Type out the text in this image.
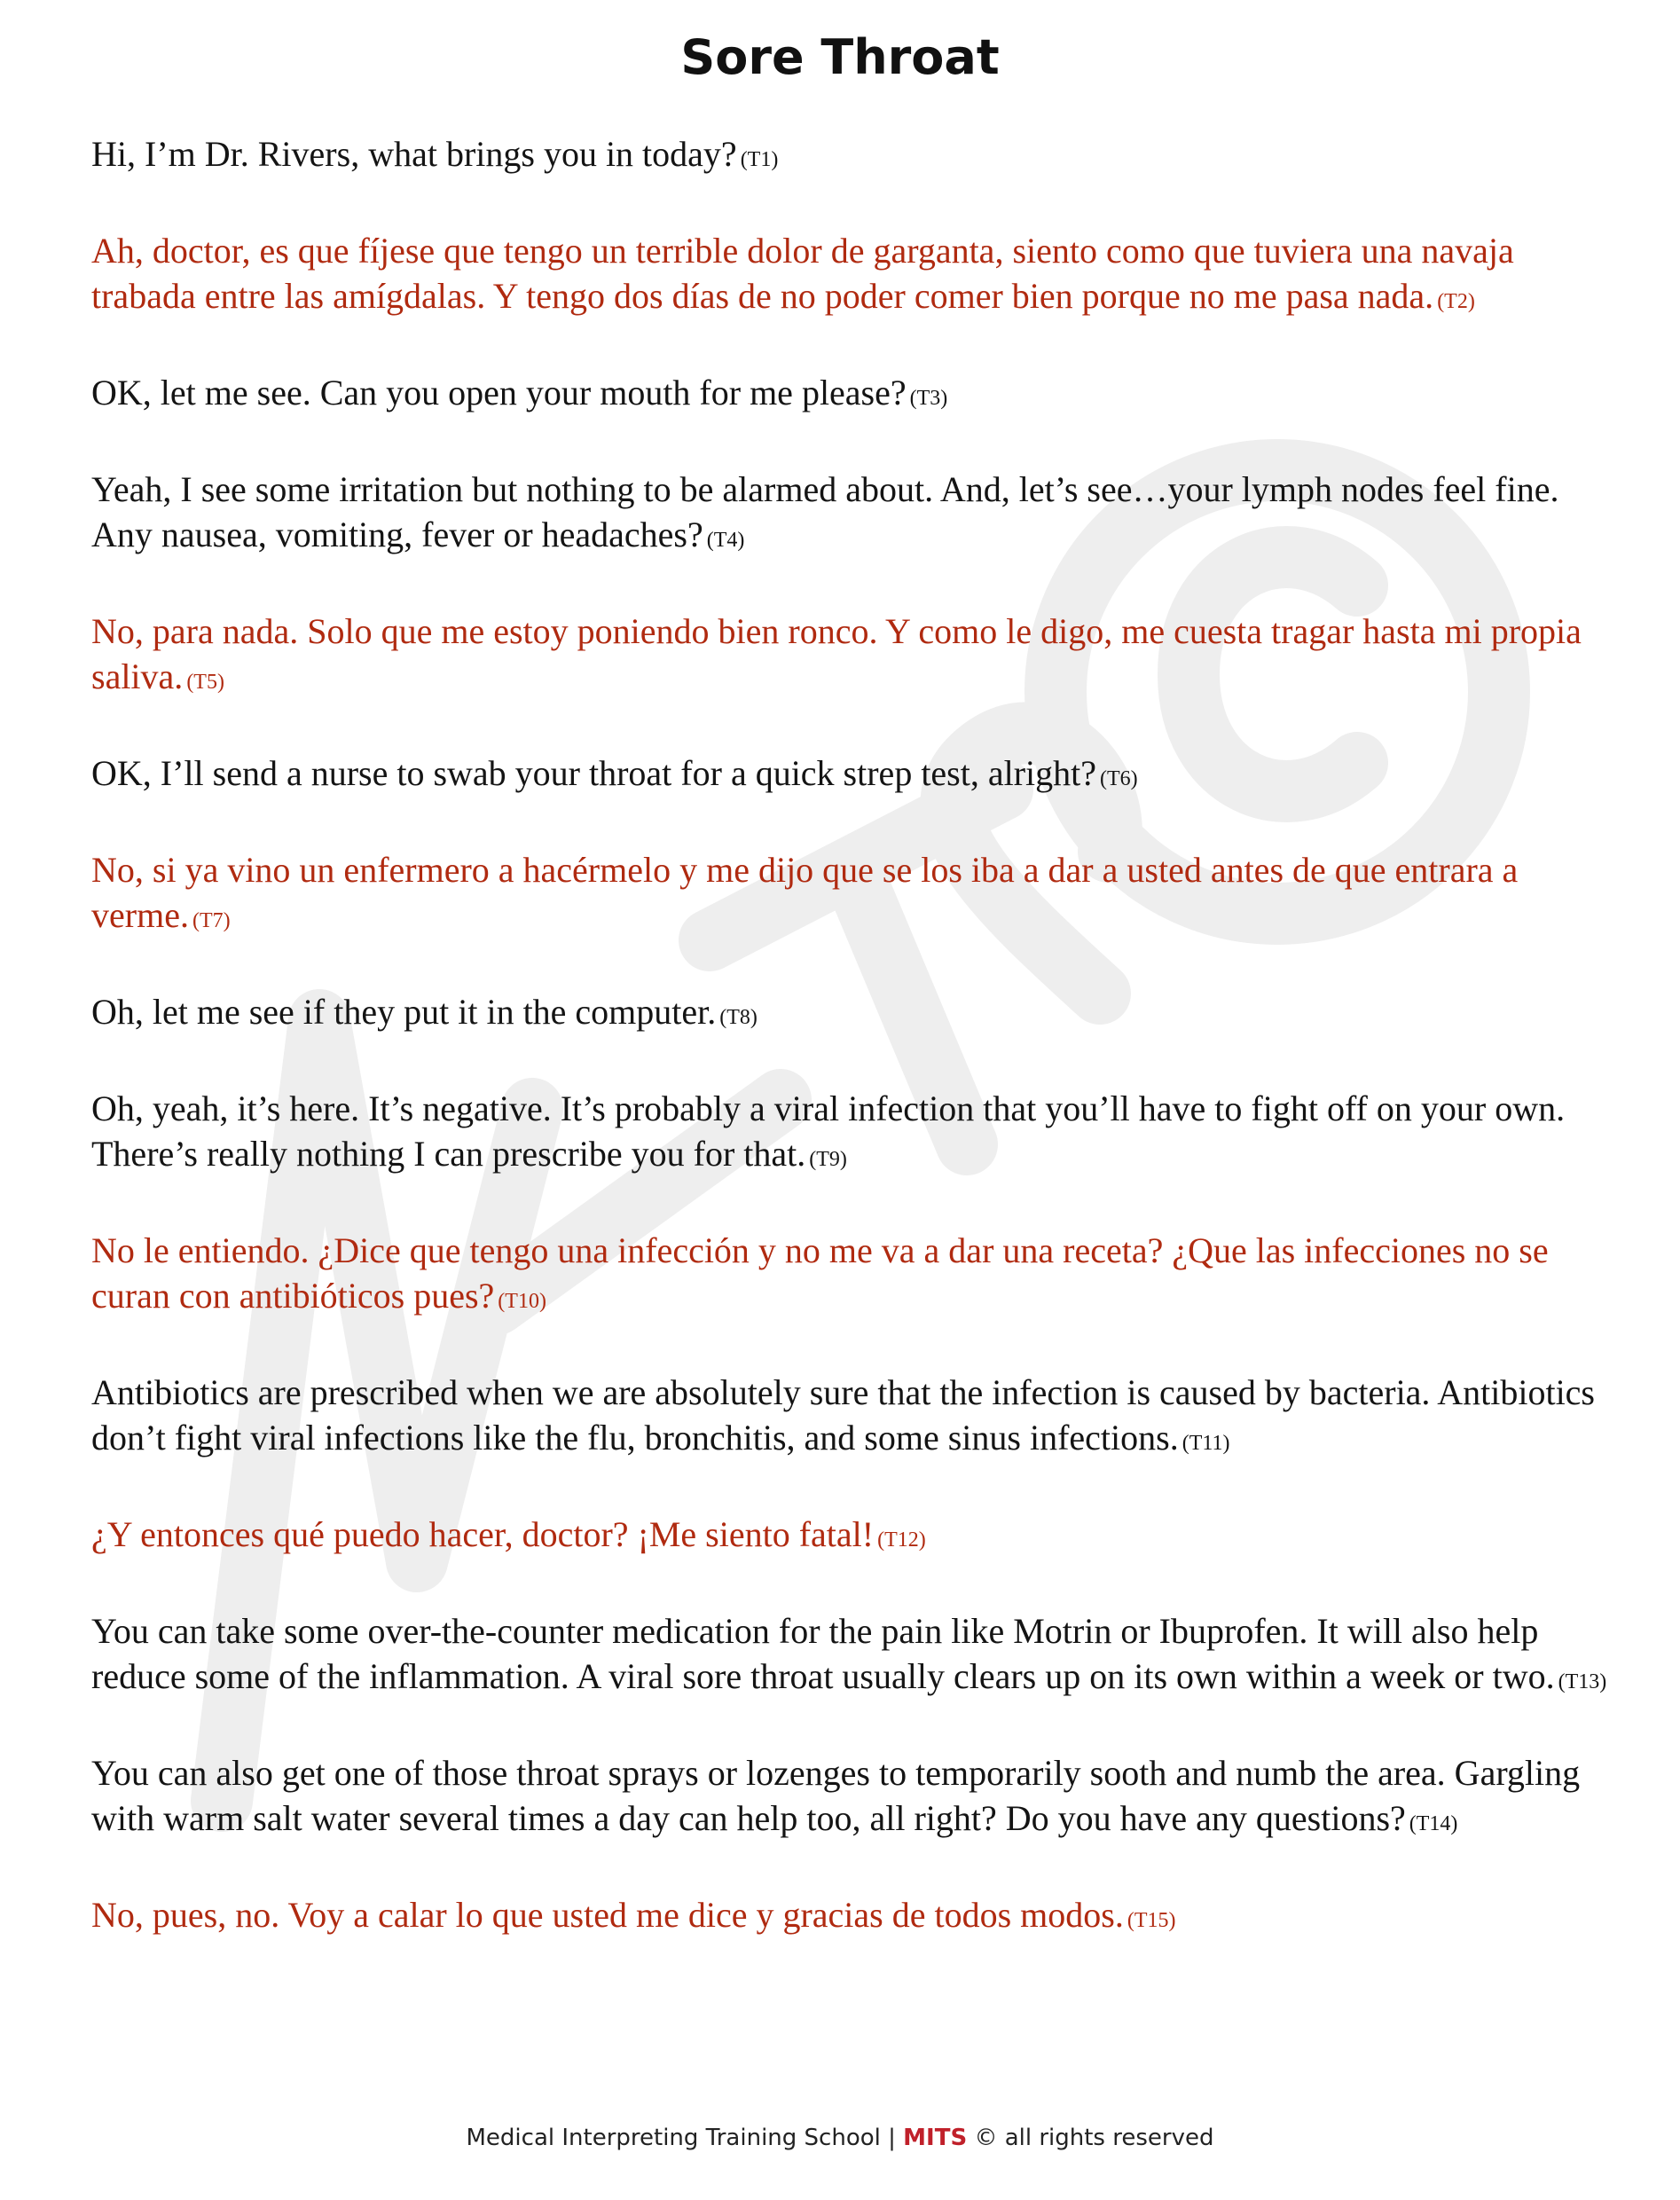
Sore Throat

Hi, I’m Dr. Rivers, what brings you in today? (T1)

Ah, doctor, es que fíjese que tengo un terrible dolor de garganta, siento como que tuviera una navaja trabada entre las amígdalas. Y tengo dos días de no poder comer bien porque no me pasa nada. (T2)

OK, let me see. Can you open your mouth for me please? (T3)

Yeah, I see some irritation but nothing to be alarmed about. And, let’s see…your lymph nodes feel fine. Any nausea, vomiting, fever or headaches? (T4)

No, para nada. Solo que me estoy poniendo bien ronco. Y como le digo, me cuesta tragar hasta mi propia saliva. (T5)

OK, I’ll send a nurse to swab your throat for a quick strep test, alright? (T6)

No, si ya vino un enfermero a hacérmelo y me dijo que se los iba a dar a usted antes de que entrara a verme. (T7)

Oh, let me see if they put it in the computer. (T8)

Oh, yeah, it’s here. It’s negative. It’s probably a viral infection that you’ll have to fight off on your own. There’s really nothing I can prescribe you for that. (T9)

No le entiendo. ¿Dice que tengo una infección y no me va a dar una receta? ¿Que las infecciones no se curan con antibióticos pues? (T10)

Antibiotics are prescribed when we are absolutely sure that the infection is caused by bacteria. Antibiotics don’t fight viral infections like the flu, bronchitis, and some sinus infections. (T11)

¿Y entonces qué puedo hacer, doctor? ¡Me siento fatal! (T12)

You can take some over-the-counter medication for the pain like Motrin or Ibuprofen. It will also help reduce some of the inflammation. A viral sore throat usually clears up on its own within a week or two. (T13)

You can also get one of those throat sprays or lozenges to temporarily sooth and numb the area. Gargling with warm salt water several times a day can help too, all right? Do you have any questions? (T14)

No, pues, no. Voy a calar lo que usted me dice y gracias de todos modos. (T15)

Medical Interpreting Training School | MITS © all rights reserved
